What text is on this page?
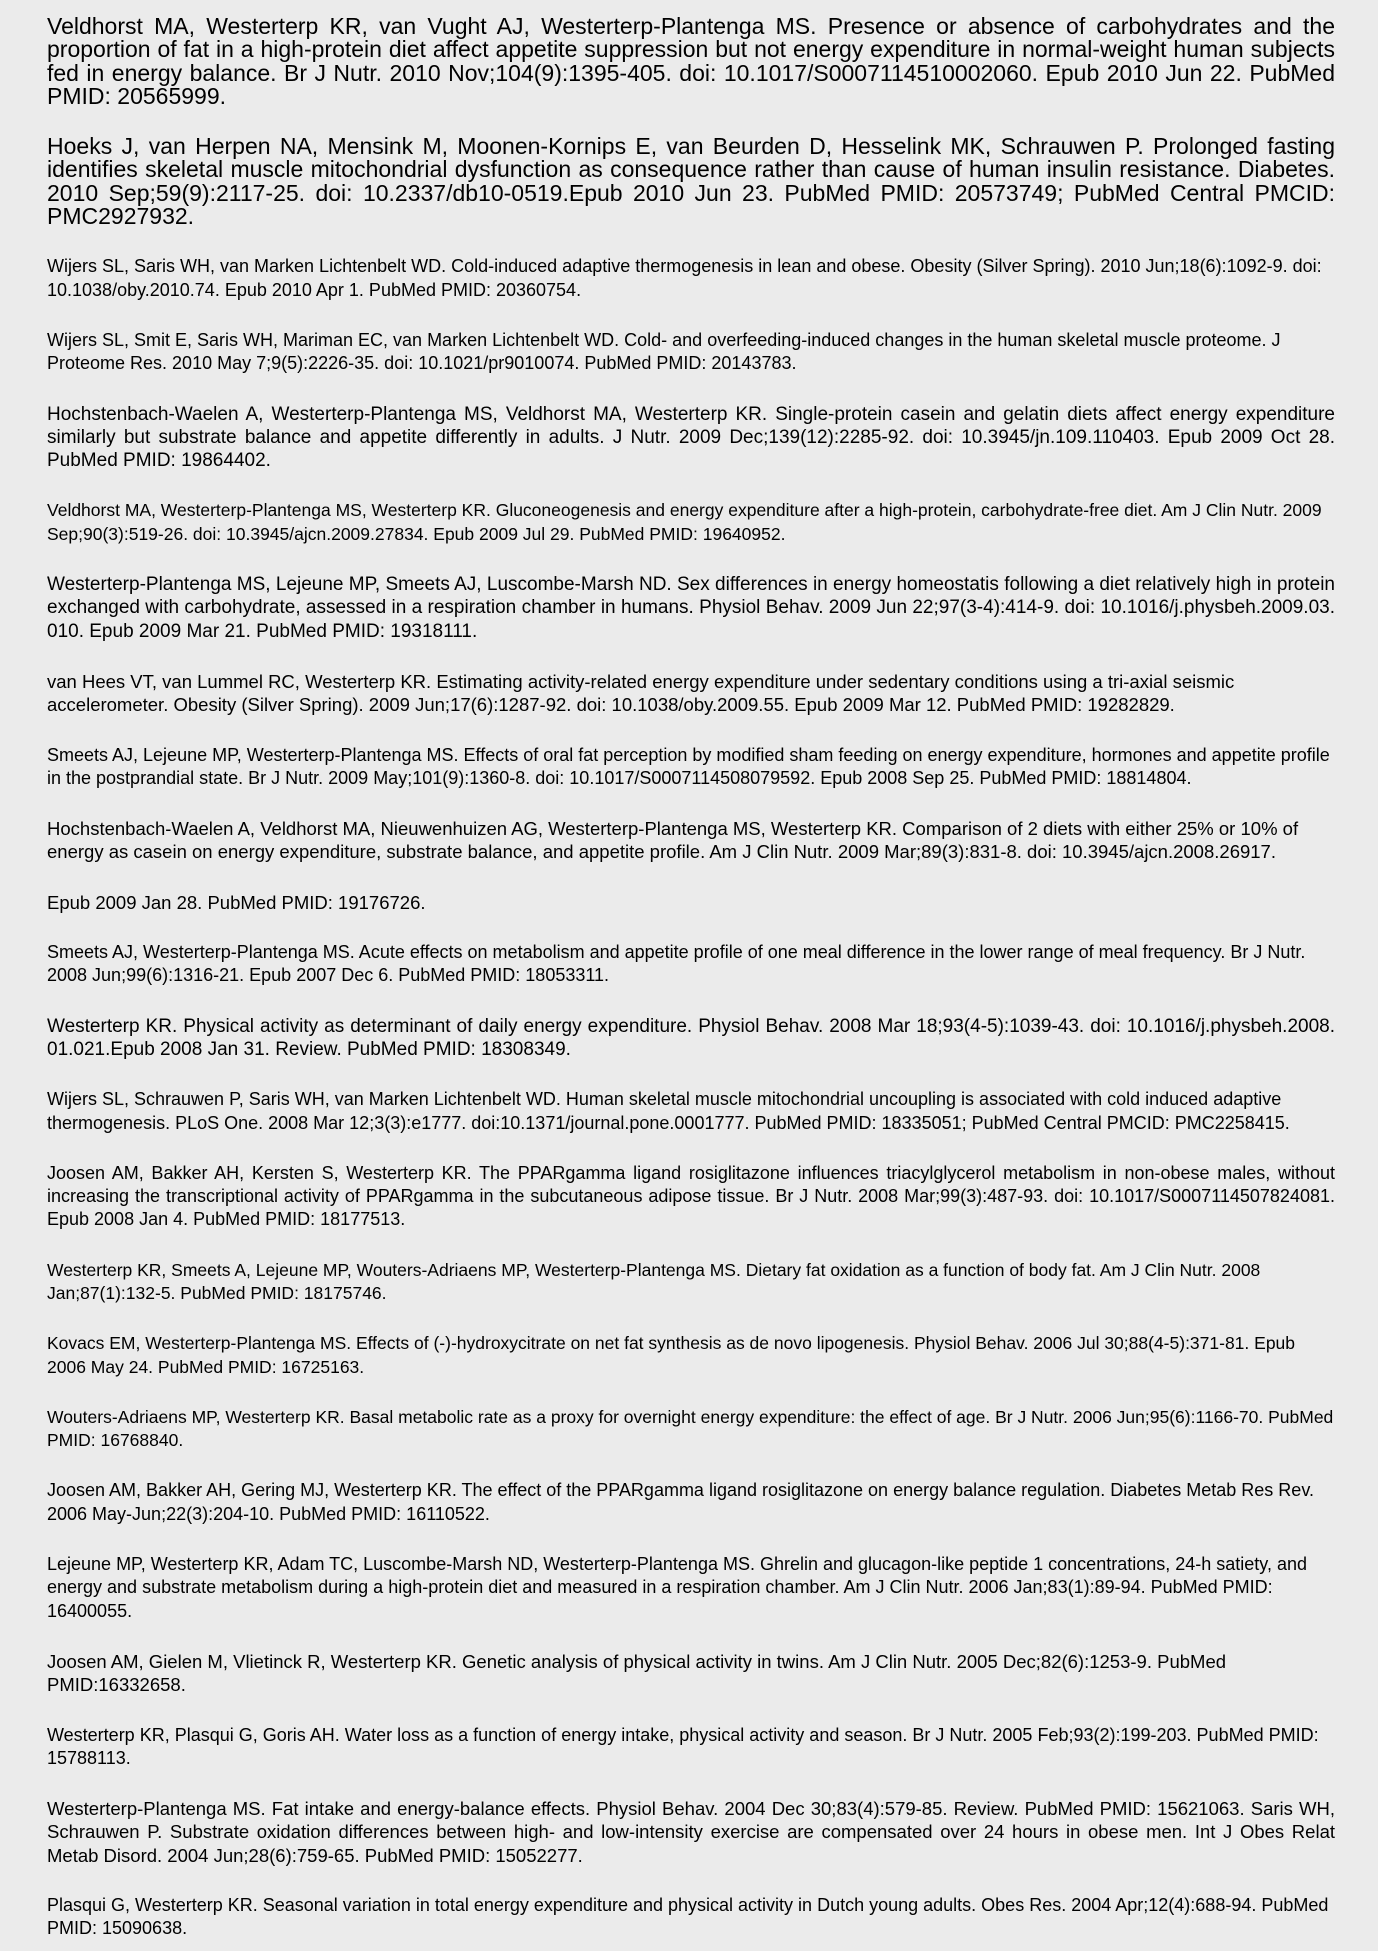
Veldhorst MA, Westerterp KR, van Vught AJ, Westerterp-Plantenga MS. Presence or absence of carbohydrates and the proportion of fat in a high-protein diet affect appetite suppression but not energy expenditure in normal-weight human subjects fed in energy balance. Br J Nutr. 2010 Nov;104(9):1395-405. doi: 10.​1017/​S0007114510002060. Epub 2010 Jun 22. PubMed PMID: 20565999.

Hoeks J, van Herpen NA, Mensink M, Moonen-Kornips E, van Beurden D, Hesselink MK, Schrauwen P. Prolonged fasting identifies skeletal muscle mitochondrial dysfunction as consequence rather than cause of human insulin resistance. Diabetes. 2010 Sep;59(9):2117-25. doi: 10.​2337/​db10-0519.​Epub 2010 Jun 23. PubMed PMID: 20573749; PubMed Central PMCID: PMC2927932.

Wijers SL, Saris WH, van Marken Lichtenbelt WD. Cold-induced adaptive thermogenesis in lean and obese. Obesity (Silver Spring). 2010 Jun;18(6):1092-9. doi: 10.​1038/​oby.​2010.​74. Epub 2010 Apr 1. PubMed PMID: 20360754.

Wijers SL, Smit E, Saris WH, Mariman EC, van Marken Lichtenbelt WD. Cold- and overfeeding-induced changes in the human skeletal muscle proteome. J Proteome Res. 2010 May 7;9(5):2226-35. doi: 10.​1021/​pr9010074. PubMed PMID: 20143783.

Hochstenbach-Waelen A, Westerterp-Plantenga MS, Veldhorst MA, Westerterp KR. Single-protein casein and gelatin diets affect energy expenditure similarly but substrate balance and appetite differently in adults. J Nutr. 2009 Dec;139(12):2285-92. doi: 10.​3945/​jn.​109.​110403. Epub 2009 Oct 28. PubMed PMID: 19864402.

Veldhorst MA, Westerterp-Plantenga MS, Westerterp KR. Gluconeogenesis and energy expenditure after a high-protein, carbohydrate-free diet. Am J Clin Nutr. 2009 Sep;90(3):519-26. doi: 10.​3945/​ajcn.​2009.​27834. Epub 2009 Jul 29. PubMed PMID: 19640952.

Westerterp-Plantenga MS, Lejeune MP, Smeets AJ, Luscombe-Marsh ND. Sex differences in energy homeostatis following a diet relatively high in protein exchanged with carbohydrate, assessed in a respiration chamber in humans. Physiol Behav. 2009 Jun 22;97(3-4):414-9. doi: 10.​1016/​j.​physbeh.​2009.​03.​010. Epub 2009 Mar 21. PubMed PMID: 19318111.

van Hees VT, van Lummel RC, Westerterp KR. Estimating activity-related energy expenditure under sedentary conditions using a tri-axial seismic accelerometer. Obesity (Silver Spring). 2009 Jun;17(6):1287-92. doi: 10.​1038/​oby.​2009.​55. Epub 2009 Mar 12. PubMed PMID: 19282829.

Smeets AJ, Lejeune MP, Westerterp-Plantenga MS. Effects of oral fat perception by modified sham feeding on energy expenditure, hormones and appetite profile in the postprandial state. Br J Nutr. 2009 May;101(9):1360-8. doi: 10.​1017/​S0007114508079592. Epub 2008 Sep 25. PubMed PMID: 18814804.

Hochstenbach-Waelen A, Veldhorst MA, Nieuwenhuizen AG, Westerterp-Plantenga MS, Westerterp KR. Comparison of 2 diets with either 25% or 10% of energy as casein on energy expenditure, substrate balance, and appetite profile. Am J Clin Nutr. 2009 Mar;89(3):831-8. doi: 10.​3945/​ajcn.​2008.​26917.

Epub 2009 Jan 28. PubMed PMID: 19176726.

Smeets AJ, Westerterp-Plantenga MS. Acute effects on metabolism and appetite profile of one meal difference in the lower range of meal frequency. Br J Nutr.​2008 Jun;99(6):1316-21. Epub 2007 Dec 6. PubMed PMID: 18053311.

Westerterp KR. Physical activity as determinant of daily energy expenditure. Physiol Behav. 2008 Mar 18;93(4-5):1039-43. doi: 10.​1016/​j.​physbeh.​2008.​01.​021.​Epub 2008 Jan 31. Review. PubMed PMID: 18308349.

Wijers SL, Schrauwen P, Saris WH, van Marken Lichtenbelt WD. Human skeletal muscle mitochondrial uncoupling is associated with cold induced adaptive thermogenesis. PLoS One. 2008 Mar 12;3(3):e1777. doi:10.​1371/​journal.​pone.​0001777. PubMed PMID: 18335051; PubMed Central PMCID: PMC2258415.

Joosen AM, Bakker AH, Kersten S, Westerterp KR. The PPARgamma ligand rosiglitazone influences triacylglycerol metabolism in non-obese males, without increasing the transcriptional activity of PPARgamma in the subcutaneous adipose tissue. Br J Nutr. 2008 Mar;99(3):487-93. doi: 10.​1017/​S0007114507824081. Epub 2008 Jan 4. PubMed PMID: 18177513.

Westerterp KR, Smeets A, Lejeune MP, Wouters-Adriaens MP, Westerterp-Plantenga MS. Dietary fat oxidation as a function of body fat. Am J Clin Nutr. 2008 Jan;87(1):132-5. PubMed PMID: 18175746.

Kovacs EM, Westerterp-Plantenga MS. Effects of (-)-hydroxycitrate on net fat synthesis as de novo lipogenesis. Physiol Behav. 2006 Jul 30;88(4-5):371-81. Epub 2006 May 24. PubMed PMID: 16725163.

Wouters-Adriaens MP, Westerterp KR. Basal metabolic rate as a proxy for overnight energy expenditure: the effect of age. Br J Nutr. 2006 Jun;95(6):1166-70. PubMed PMID: 16768840.

Joosen AM, Bakker AH, Gering MJ, Westerterp KR. The effect of the PPARgamma ligand rosiglitazone on energy balance regulation. Diabetes Metab Res Rev. 2006 May-Jun;22(3):204-10. PubMed PMID: 16110522.

Lejeune MP, Westerterp KR, Adam TC, Luscombe-Marsh ND, Westerterp-Plantenga MS. Ghrelin and glucagon-like peptide 1 concentrations, 24-h satiety, and energy and substrate metabolism during a high-protein diet and measured in a respiration chamber. Am J Clin Nutr. 2006 Jan;83(1):89-94. PubMed PMID: 16400055.

Joosen AM, Gielen M, Vlietinck R, Westerterp KR. Genetic analysis of physical activity in twins. Am J Clin Nutr. 2005 Dec;82(6):1253-9. PubMed PMID:16332658.

Westerterp KR, Plasqui G, Goris AH. Water loss as a function of energy intake, physical activity and season. Br J Nutr. 2005 Feb;93(2):199-203. PubMed PMID: 15788113.

Westerterp-Plantenga MS. Fat intake and energy-balance effects. Physiol Behav. 2004 Dec 30;83(4):579-85. Review. PubMed PMID: 15621063. Saris WH, Schrauwen P. Substrate oxidation differences between high- and low-intensity exercise are compensated over 24 hours in obese men. Int J Obes Relat Metab Disord. 2004 Jun;28(6):759-65. PubMed PMID: 15052277.

Plasqui G, Westerterp KR. Seasonal variation in total energy expenditure and physical activity in Dutch young adults. Obes Res. 2004 Apr;12(4):688-94. PubMed PMID: 15090638.
